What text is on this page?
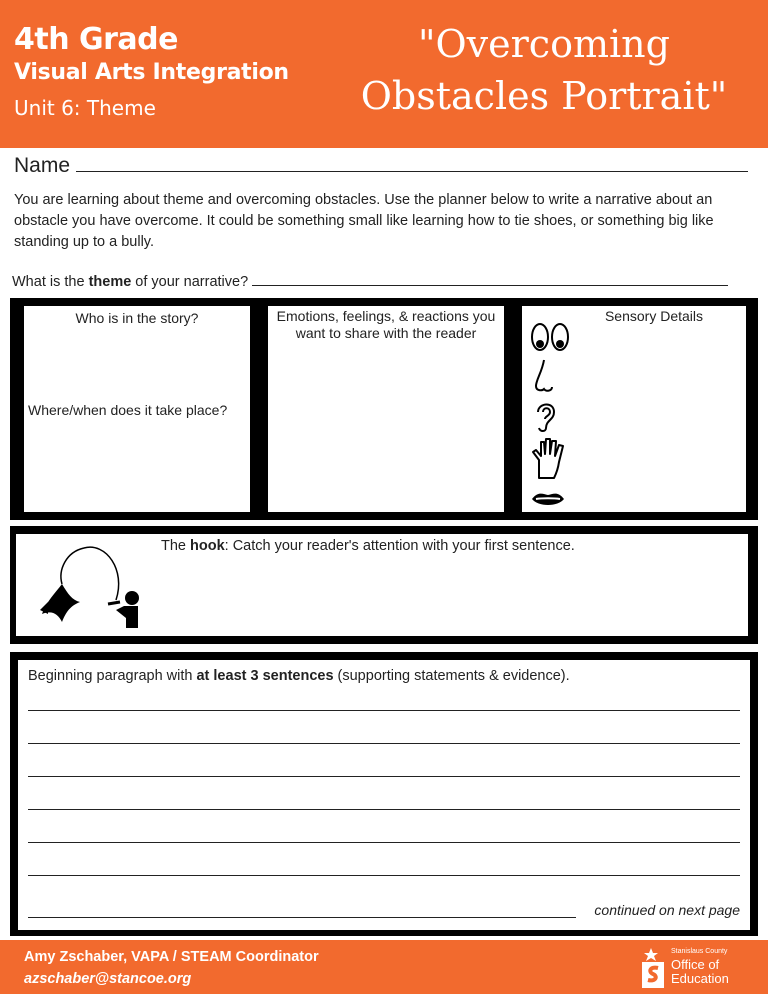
4th Grade
Visual Arts Integration
Unit 6: Theme
"Overcoming
Obstacles Portrait"
Name
You are learning about theme and overcoming obstacles. Use the planner below to write a narrative about an obstacle you have overcome. It could be something small like learning how to tie shoes, or something big like standing up to a bully.
What is the theme of your narrative?
Who is in the story?
Where/when does it take place?
Emotions, feelings, & reactions you want to share with the reader
Sensory Details
The hook: Catch your reader's attention with your first sentence.
Beginning paragraph with at least 3 sentences (supporting statements & evidence).
continued on next page
Amy Zschaber, VAPA / STEAM Coordinator
azschaber@stancoe.org
Stanislaus County
Office of
Education
